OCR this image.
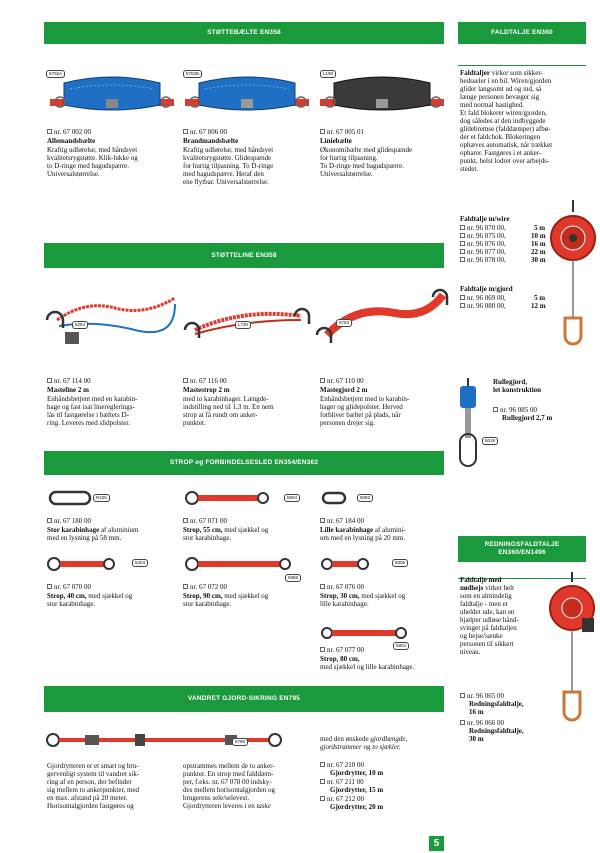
STØTTEBÆLTE EN358
STØTTELINE EN358
STROP og FORBINDELSESLED EN354/EN362
VANDRET GJORD-SIKRING EN795
FALDTALJE EN360
REDNINGSFALDTALJE
EN360/EN1496
5702A	5702B	L190
nr. 67 002 00
Allemandsbælte
Kraftig udførelse, med håndsyet
kvalitetsrygstøtte. Klik-lukke og
to D-ringe med bagudspærre.
Universalstørrelse.
nr. 67 006 00
Brandmandsbælte
Kraftig udførelse, med håndsyet
kvalitetsrygstøtte. Glidespænde
for hurtig tilpasning. To D-ringe
med bagudspærre. Heraf den
ene flytbar. Universalstørrelse.
nr. 67 005 01
Liniebælte
Økonomibælte med glidespænde
for hurtig tilpasning.
To D-ringe med bagudspærre.
Universalstørrelse.
5254	L730	5783
nr. 67 114 00
Masteline 2 m
Enhåndsbetjent med en karabin-
hage og fast isat linereglerings-
lås til fastgørelse i bæltets D-
ring. Leveres med slidpolster.
nr. 67 116 00
Mastestrop 2 m
med to karabinhager. Længde-
indstilling ned til 1,3 m. En nem
strop at få rundt om anker-
punktet.
nr. 67 110 00
Mastegjord 2 m
Enhåndsbetjent med to karabin-
hager og glidepolster. Herved
forbliver bæltet på plads, når
personen drejer sig.
R425	5804	5083
nr. 67 180 00
Stor karabinhage af aluminium
med en lysning på 58 mm.
nr. 67 071 00
Strop, 55 cm, med sjækkel og
stor karabinhage.
nr. 67 184 00
Lille karabinhage af alumini-
um med en lysning på 20 mm.
5404
5856
5806
nr. 67 070 00
Strop, 40 cm, med sjækkel og
stor karabinhage.
nr. 67 072 00
Strop, 90 cm, med sjækkel og
stor karabinhage.
nr. 67 076 00
Strop, 30 cm, med sjækkel og
lille karabinhage.
5804
nr. 67 077 00
Strop, 80 cm,
med sjækkel og lille karabinhage.
5790
Gjordrytteren er et smart og bru-
gervenligt system til vandret sik-
ring af en person, der befinder
sig mellem to ankerpunkter, med
en max. afstand på 20 meter.
Horisontalgjorden fastgøres og
opstrammes mellem de to anker-
punkter. En strop med falddæm-
per, f.eks. nr. 67 078 00 indsky-
des mellem horisontalgjorden og
brugerens sele/selevest.
Gjordrytteren leveres i en taske
med den ønskede gjordlængde,
gjordstrammer og to sjækler.
nr. 67 210 00
Gjordrytter, 10 m
nr. 67 211 00
Gjordrytter, 15 m
nr. 67 212 00
Gjordrytter, 20 m
Faldtaljer virker som sikker-
hedsseler i en bil. Wiren/gjorden
glider langsomt ud og ind, så
længe personen bevæger sig
med normal hastighed.
Et fald blokerer wiren/gjorden,
dog således at den indbyggede
glidebremse (falddæmper) afbø-
der et faldchok. Blokeringen
ophæves automatisk, når trækket
opharer. Fastgøres i et anker-
punkt, helst lodret over arbejds-
stedet.
Faldtalje m/wire
nr. 96 070 00,	5 m
nr. 96 075 00,	10 m
nr. 96 076 00,	16 m
nr. 96 077 00,	22 m
nr. 96 078 00,	30 m
Faldtalje m/gjord
nr. 96 069 00,	5 m
nr. 96 080 00,	12 m
5019
Rullegjord,
let konstruktion
nr. 96 085 00
Rullegjord 2,7 m
Faldtalje med
nødhejs virker helt
som en almindelig
faldtalje - men er
uheldet ude, kan en
hjælper udløse hånd-
svinget på faldtaljen
og hejse/sænke
personen til sikkert
niveau.
nr. 96 065 00
Redningsfaldtalje,
16 m
nr. 96 066 00
Redningsfaldtalje,
30 m
5
